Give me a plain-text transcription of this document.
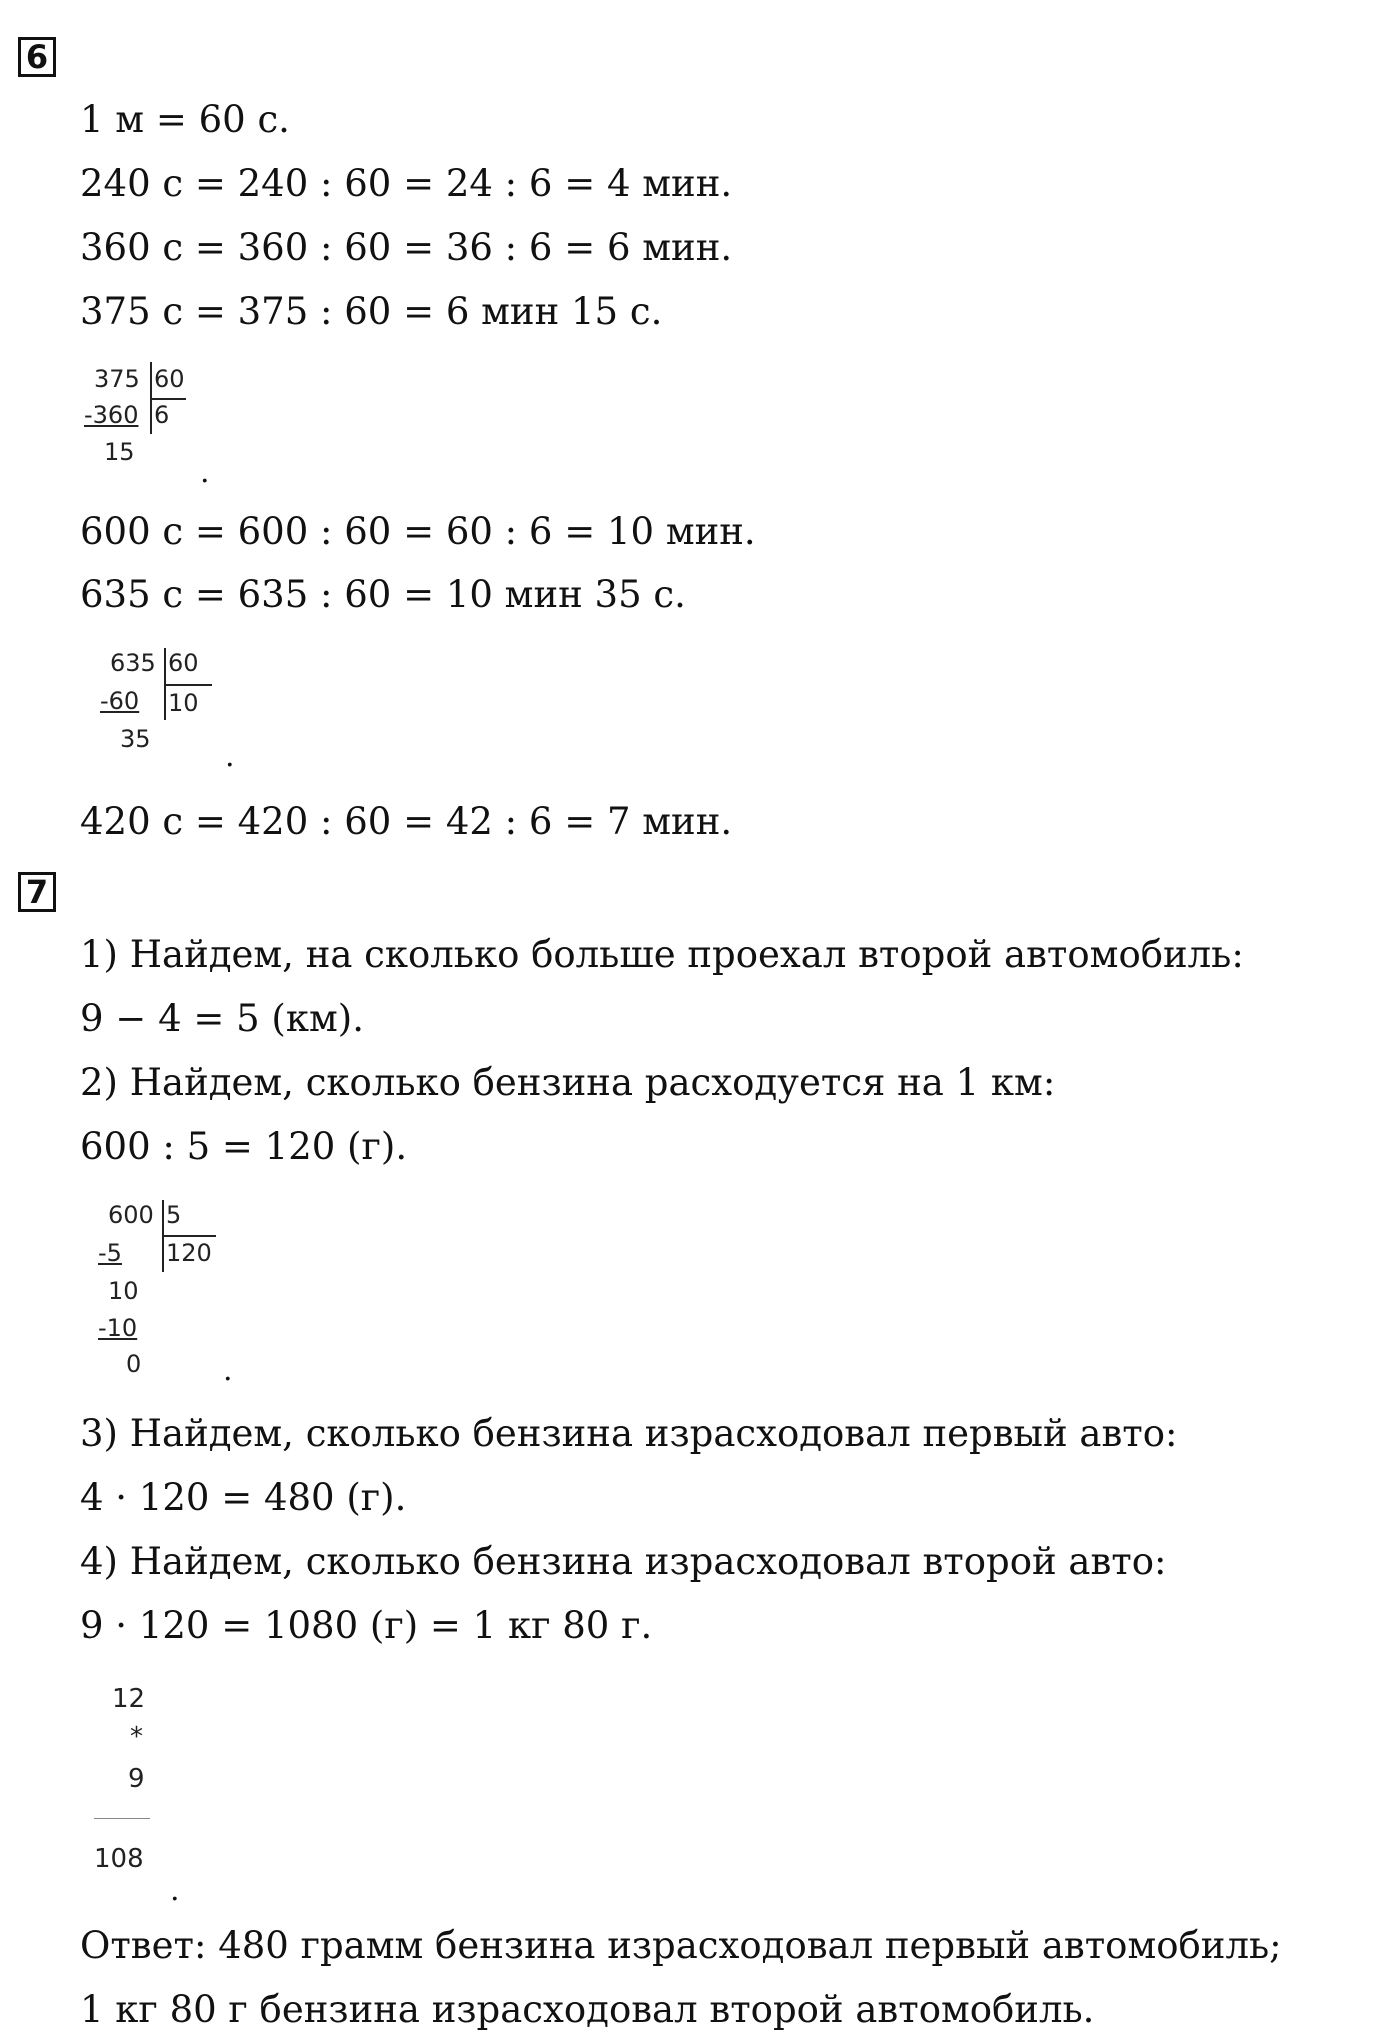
6
1 м = 60 с.
240 с = 240 : 60 = 24 : 6 = 4 мин.
360 с = 360 : 60 = 36 : 6 = 6 мин.
375 с = 375 : 60 = 6 мин 15 с.
375 60
-360 6
15
.
600 с = 600 : 60 = 60 : 6 = 10 мин.
635 с = 635 : 60 = 10 мин 35 с.
635 60
-60 10
35 .
420 с = 420 : 60 = 42 : 6 = 7 мин.
7
1) Найдем, на сколько больше проехал второй автомобиль:
9 − 4 = 5 (км).
2) Найдем, сколько бензина расходуется на 1 км:
600 : 5 = 120 (г).
600 5
-5 120
10
-10
0	.
3) Найдем, сколько бензина израсходовал первый авто:
4 · 120 = 480 (г).
4) Найдем, сколько бензина израсходовал второй авто:
9 · 120 = 1080 (г) = 1 кг 80 г.
12
*
9
108
.
Ответ: 480 грамм бензина израсходовал первый автомобиль;
1 кг 80 г бензина израсходовал второй автомобиль.
